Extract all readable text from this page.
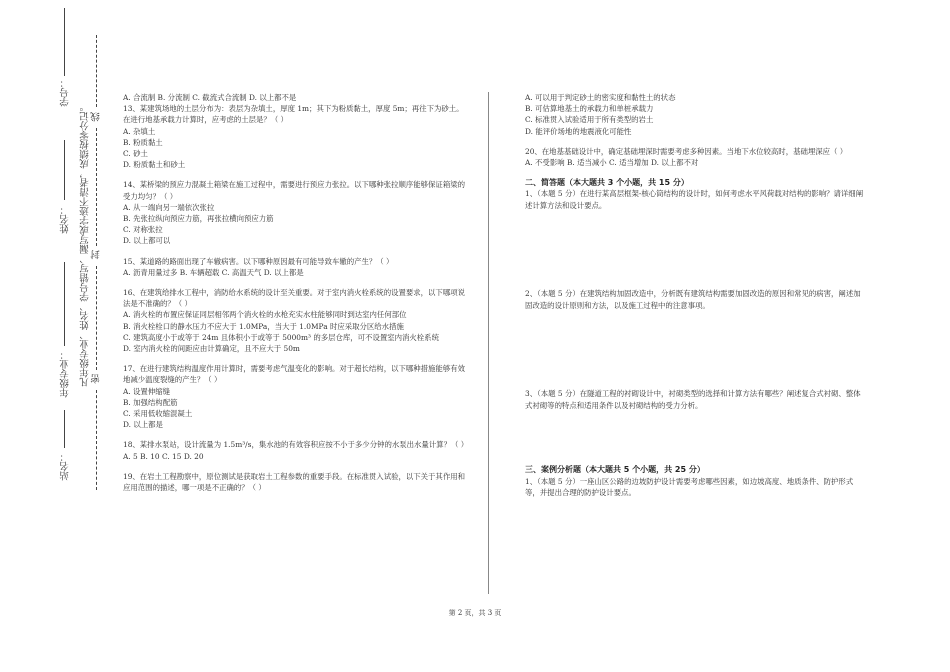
学号：
姓名：
年级专业：
站名：
凡年级专业、姓名、学号错写、漏写或字迹不清者，成绩按零分记。 线
封
密

A. 合流制 B. 分流制 C. 截流式合流制 D. 以上都不是

13、某建筑场地的土层分布为：表层为杂填土，厚度 1m；其下为粉质黏土，厚度 5m；再往下为砂土。在进行地基承载力计算时，应考虑的土层是？（ ）

A. 杂填土

B. 粉质黏土

C. 砂土

D. 粉质黏土和砂土

14、某桥梁的预应力混凝土箱梁在施工过程中，需要进行预应力张拉。以下哪种张拉顺序能够保证箱梁的受力均匀？（ ）

A. 从一端向另一端依次张拉

B. 先张拉纵向预应力筋，再张拉横向预应力筋

C. 对称张拉

D. 以上都可以

15、某道路的路面出现了车辙病害。以下哪种原因最有可能导致车辙的产生？（ ）

A. 沥青用量过多 B. 车辆超载 C. 高温天气 D. 以上都是

16、在建筑给排水工程中，消防给水系统的设计至关重要。对于室内消火栓系统的设置要求，以下哪项说法是不准确的？（ ）

A. 消火栓的布置应保证同层相邻两个消火栓的水枪充实水柱能够同时到达室内任何部位

B. 消火栓栓口的静水压力不应大于 1.0MPa，当大于 1.0MPa 时应采取分区给水措施

C. 建筑高度小于或等于 24m 且体积小于或等于 5000m³ 的多层仓库，可不设置室内消火栓系统

D. 室内消火栓的间距应由计算确定，且不应大于 50m

17、在进行建筑结构温度作用计算时，需要考虑气温变化的影响。对于超长结构，以下哪种措施能够有效地减少温度裂缝的产生？（ ）

A. 设置伸缩缝

B. 加强结构配筋

C. 采用低收缩混凝土

D. 以上都是

18、某排水泵站，设计流量为 1.5m³/s，集水池的有效容积应按不小于多少分钟的水泵出水量计算？（ ）

A. 5 B. 10 C. 15 D. 20

19、在岩土工程勘察中，原位测试是获取岩土工程参数的重要手段。在标准贯入试验，以下关于其作用和应用范围的描述，哪一项是不正确的？（ ）

A. 可以用于判定砂土的密实度和黏性土的状态

B. 可估算地基土的承载力和单桩承载力

C. 标准贯入试验适用于所有类型的岩土

D. 能评价场地的地震液化可能性

20、在地基基础设计中，确定基础埋深时需要考虑多种因素。当地下水位较高时，基础埋深应（ ）

A. 不受影响 B. 适当减小 C. 适当增加 D. 以上都不对

二、简答题（本大题共 3 个小题，共 15 分）

1、（本题 5 分）在进行某高层框架-核心筒结构的设计时，如何考虑水平风荷载对结构的影响？请详细阐述计算方法和设计要点。

2、（本题 5 分）在建筑结构加固改造中，分析既有建筑结构需要加固改造的原因和常见的病害，阐述加固改造的设计原则和方法，以及施工过程中的注意事项。

3、（本题 5 分）在隧道工程的衬砌设计中，衬砌类型的选择和计算方法有哪些？阐述复合式衬砌、整体式衬砌等的特点和适用条件以及衬砌结构的受力分析。

三、案例分析题（本大题共 5 个小题，共 25 分）

1、（本题 5 分）一座山区公路的边坡防护设计需要考虑哪些因素，如边坡高度、地质条件、防护形式等，并提出合理的防护设计要点。

第 2 页，共 3 页
